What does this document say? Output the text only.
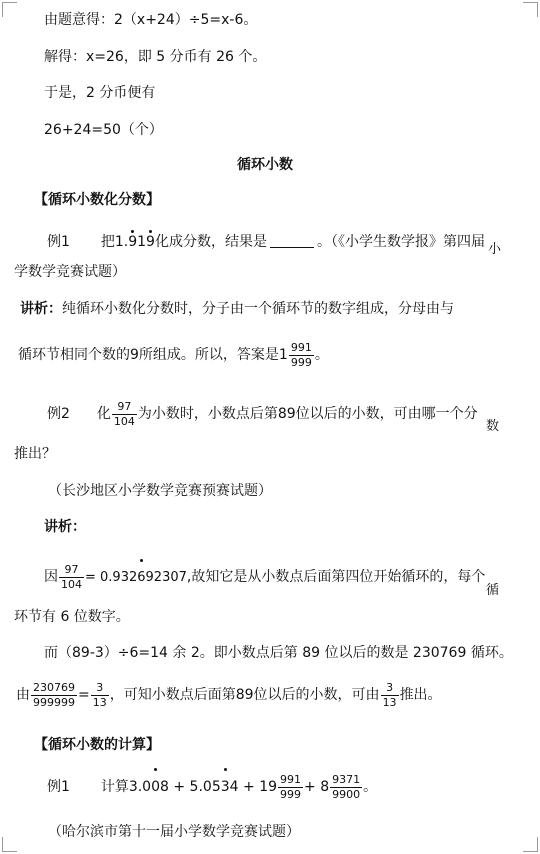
由题意得：2（x+24）÷5=x-6。
解得：x=26，即 5 分币有 26 个。
于是，2 分币便有
26+24=50（个）
循环小数
【循环小数化分数】
例1 把1.919化成分数，结果是	。（《小学生数学报》第四届 小
学数学竞赛试题）
讲析：纯循环小数化分数时，分子由一个循环节的数字组成，分母由与
循环节相同个数的9所组成。所以，答案是$1 \frac{991}{999}$ 。
例2 化 $\frac{97}{104}$ 为小数时，小数点后第89位以后的小数，可由哪一个分
数
推出？
（长沙地区小学数学竞赛预赛试题）
讲析：
因 $\frac{97}{104} = 0.932692307$,故知它是从小数点后面第四位开始循环的，每个
循
环节有 6 位数字。
而（89-3）÷6=14 余 2。即小数点后第 89 位以后的数是 230769 循环。
由 $\frac{230769}{999999} = \frac{3}{13}$ ，可知小数点后面第89位以后的小数，可由 $\frac{3}{13}$ 推出。
【循环小数的计算】
例1 计算$3.008 + 5.0534 + 19 \frac{991}{999} + 8 \frac{9371}{9900}$ 。
（哈尔滨市第十一届小学数学竞赛试题）
